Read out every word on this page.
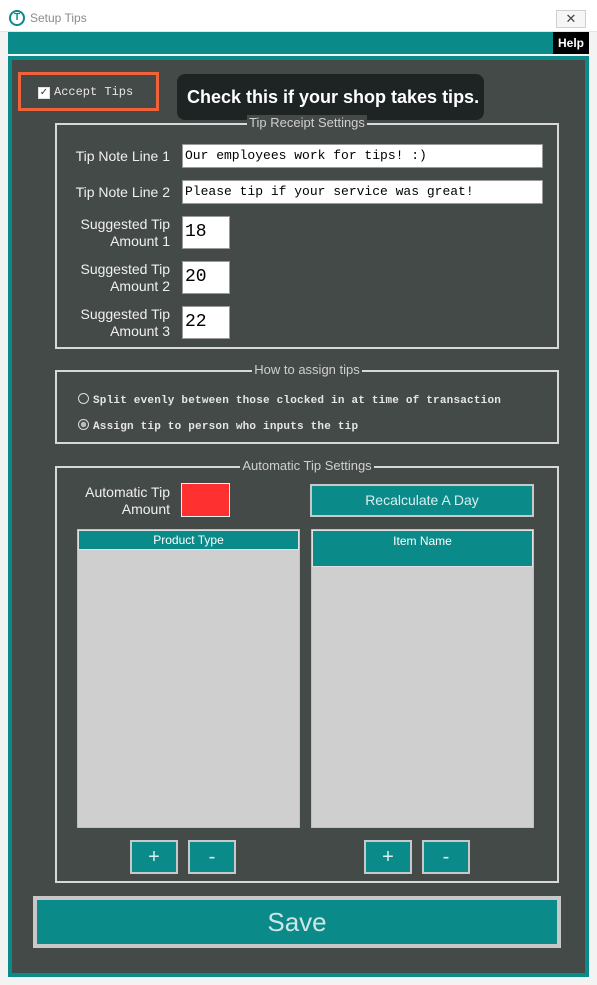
T Setup Tips	✕
Help
✓ Accept Tips	Check this if your shop takes tips.
Tip Receipt Settings
Tip Note Line 1 Our employees work for tips! :)
Tip Note Line 2 Please tip if your service was great!
Suggested Tip Amount 1 18
Suggested Tip Amount 2 20
Suggested Tip Amount 3 22
How to assign tips
Split evenly between those clocked in at time of transaction
Assign tip to person who inputs the tip
Automatic Tip Settings
Automatic Tip Amount
Recalculate A Day
Product Type	Item Name
+	-	+	-
Save
